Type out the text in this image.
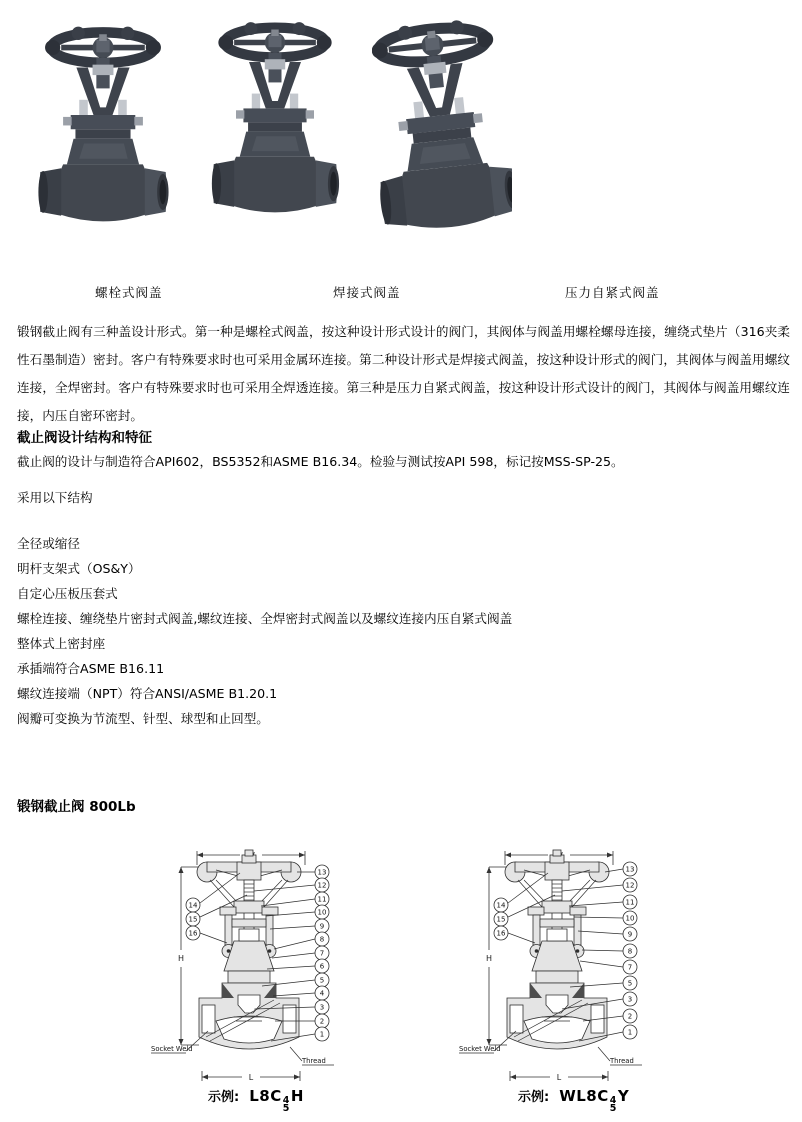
螺栓式阀盖	焊接式阀盖	压力自紧式阀盖

锻钢截止阀有三种盖设计形式。第一种是螺栓式阀盖，按这种设计形式设计的阀门，其阀体与阀盖用螺栓螺母连接，缠绕式垫片（316夹柔性石墨制造）密封。客户有特殊要求时也可采用金属环连接。第二种设计形式是焊接式阀盖，按这种设计形式的阀门，其阀体与阀盖用螺纹连接，全焊密封。客户有特殊要求时也可采用全焊透连接。第三种是压力自紧式阀盖，按这种设计形式设计的阀门，其阀体与阀盖用螺纹连接，内压自密环密封。

截止阀设计结构和特征
截止阀的设计与制造符合API602，BS5352和ASME B16.34。检验与测试按API 598，标记按MSS-SP-25。
采用以下结构
全径或缩径
明杆支架式（OS&Y）
自定心压板压套式
螺栓连接、缠绕垫片密封式阀盖,螺纹连接、全焊密封式阀盖以及螺纹连接内压自紧式阀盖
整体式上密封座
承插端符合ASME B16.11
螺纹连接端（NPT）符合ANSI/ASME B1.20.1
阀瓣可变换为节流型、针型、球型和止回型。
锻钢截止阀 800Lb
13
12
11
10
9
8
7
6
5
4
3
2
1
14
15
16
13
12
11
10
9
8
7
5
3
2
1
14
15
16
示例: L8C 4
5
H	示例: WL8C 4
5
Y
